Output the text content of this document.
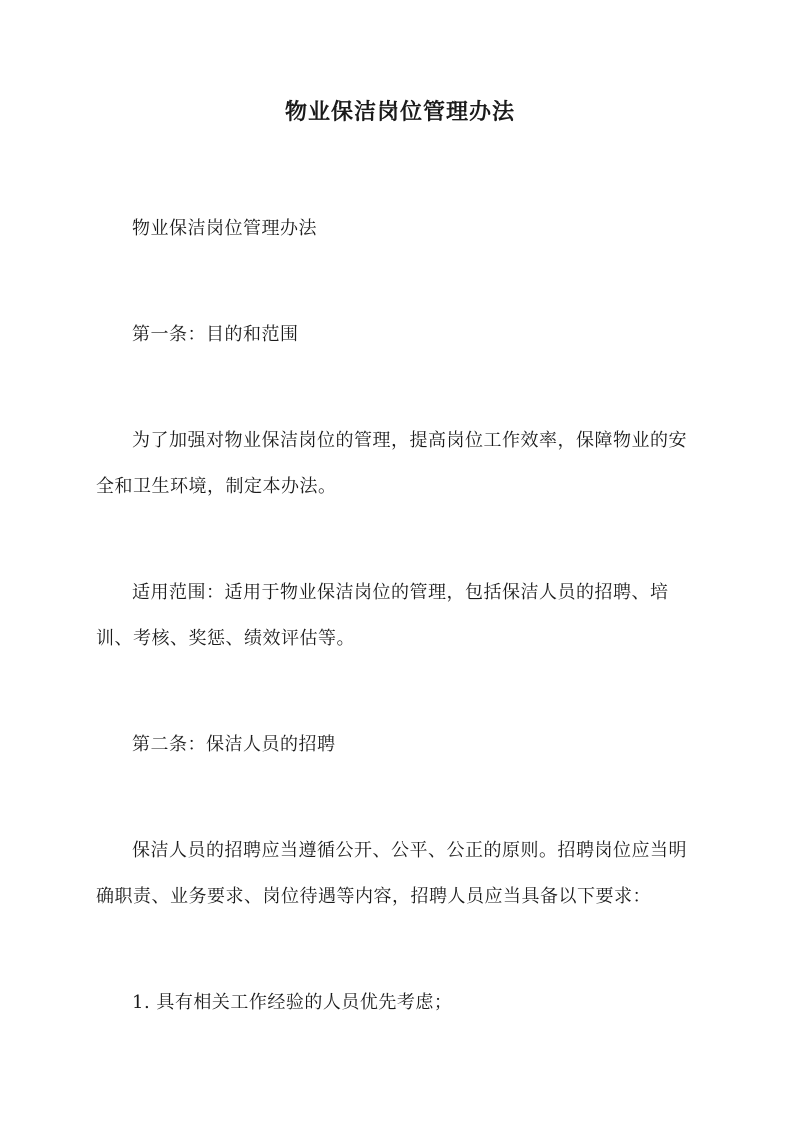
物业保洁岗位管理办法

物业保洁岗位管理办法

第一条：目的和范围

为了加强对物业保洁岗位的管理，提高岗位工作效率，保障物业的安全和卫生环境，制定本办法。

适用范围：适用于物业保洁岗位的管理，包括保洁人员的招聘、培训、考核、奖惩、绩效评估等。

第二条：保洁人员的招聘

保洁人员的招聘应当遵循公开、公平、公正的原则。招聘岗位应当明确职责、业务要求、岗位待遇等内容，招聘人员应当具备以下要求：

1. 具有相关工作经验的人员优先考虑；
